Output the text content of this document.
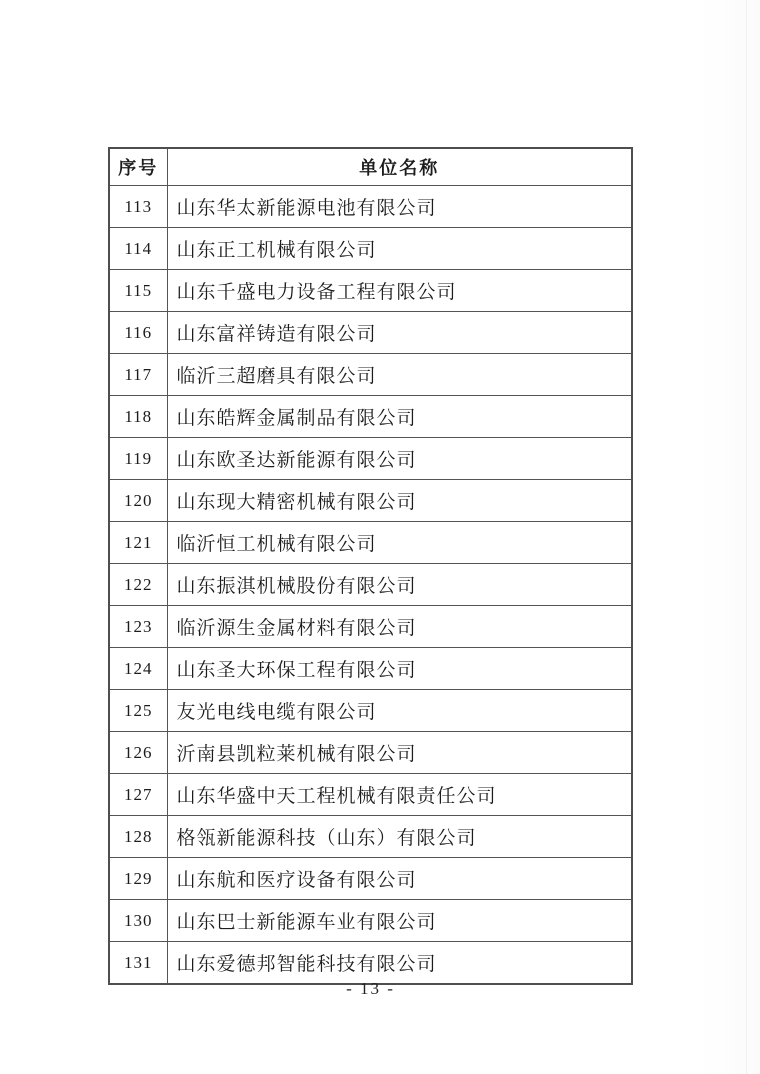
序号	单位名称
113	山东华太新能源电池有限公司
114	山东正工机械有限公司
115	山东千盛电力设备工程有限公司
116	山东富祥铸造有限公司
117	临沂三超磨具有限公司
118	山东皓辉金属制品有限公司
119	山东欧圣达新能源有限公司
120	山东现大精密机械有限公司
121	临沂恒工机械有限公司
122	山东振淇机械股份有限公司
123	临沂源生金属材料有限公司
124	山东圣大环保工程有限公司
125	友光电线电缆有限公司
126	沂南县凯粒莱机械有限公司
127	山东华盛中天工程机械有限责任公司
128	格瓴新能源科技（山东）有限公司
129	山东航和医疗设备有限公司
130	山东巴士新能源车业有限公司
131	山东爱德邦智能科技有限公司
- 13 -
